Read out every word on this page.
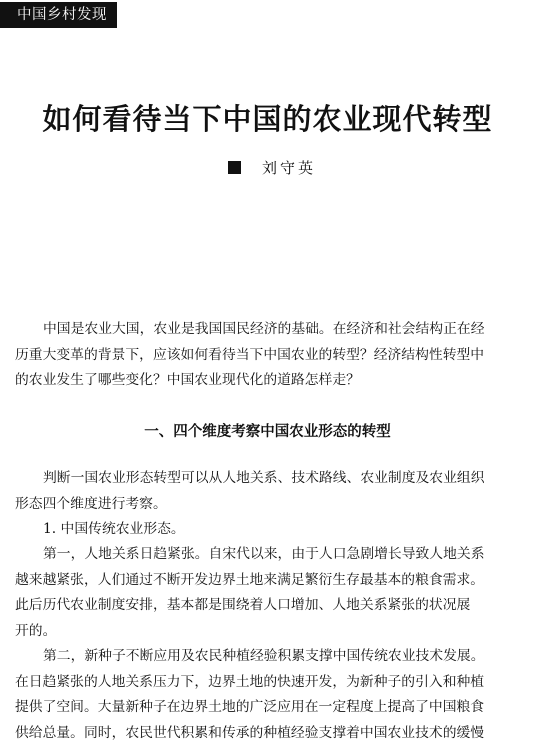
中国乡村发现
如何看待当下中国的农业现代转型
刘守英

中国是农业大国，农业是我国国民经济的基础。在经济和社会结构正在经
历重大变革的背景下，应该如何看待当下中国农业的转型？经济结构性转型中
的农业发生了哪些变化？中国农业现代化的道路怎样走？

一、四个维度考察中国农业形态的转型

判断一国农业形态转型可以从人地关系、技术路线、农业制度及农业组织
形态四个维度进行考察。
1. 中国传统农业形态。

第一，人地关系日趋紧张。自宋代以来，由于人口急剧增长导致人地关系
越来越紧张，人们通过不断开发边界土地来满足繁衍生存最基本的粮食需求。
此后历代农业制度安排，基本都是围绕着人口增加、人地关系紧张的状况展
开的。

第二，新种子不断应用及农民种植经验积累支撑中国传统农业技术发展。
在日趋紧张的人地关系压力下，边界土地的快速开发，为新种子的引入和种植
提供了空间。大量新种子在边界土地的广泛应用在一定程度上提高了中国粮食
供给总量。同时，农民世代积累和传承的种植经验支撑着中国农业技术的缓慢
